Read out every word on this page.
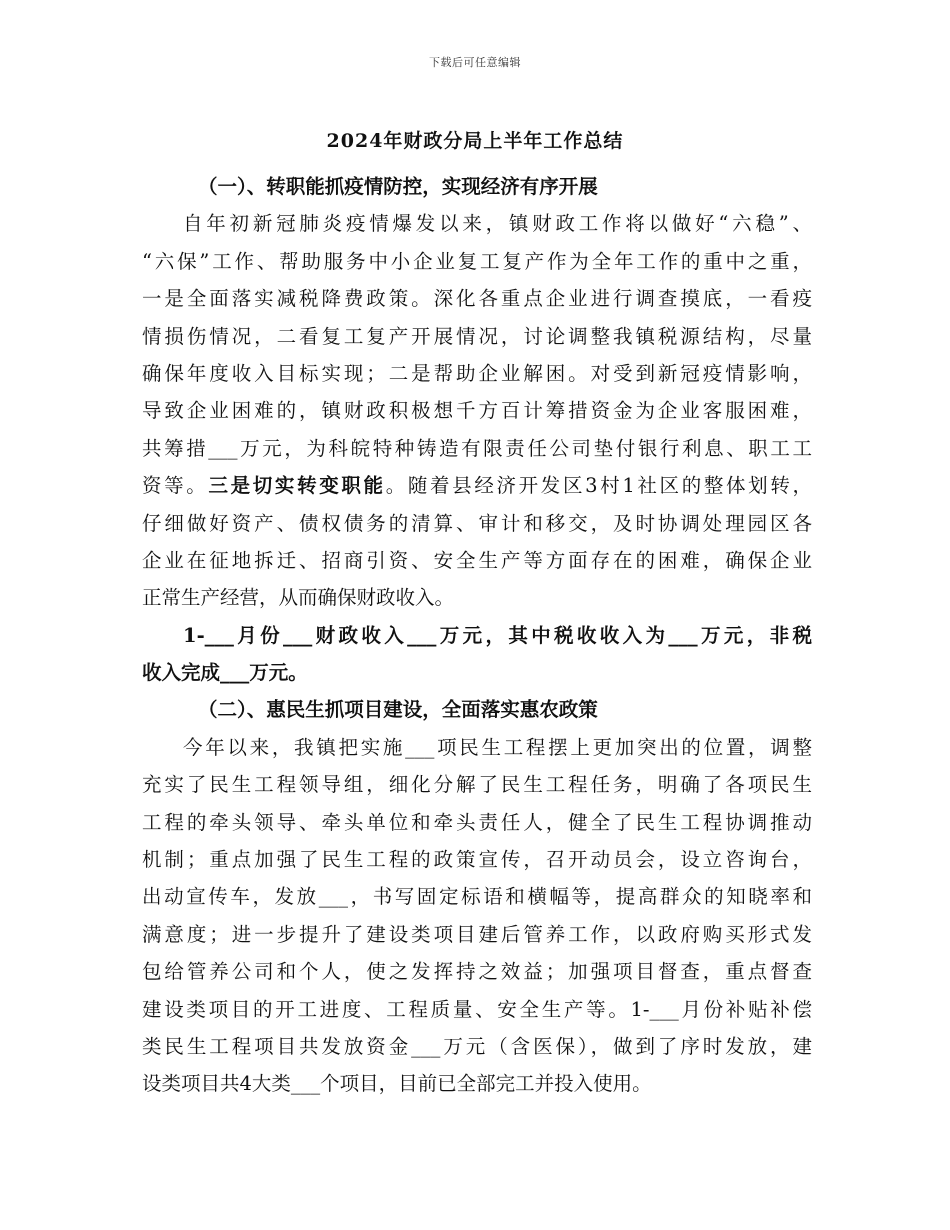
下载后可任意编辑
2024年财政分局上半年工作总结
（一）、转职能抓疫情防控，实现经济有序开展
自年初新冠肺炎疫情爆发以来，镇财政工作将以做好“六稳”、
“六保”工作、帮助服务中小企业复工复产作为全年工作的重中之重，
一是全面落实减税降费政策。深化各重点企业进行调查摸底，一看疫
情损伤情况，二看复工复产开展情况，讨论调整我镇税源结构，尽量
确保年度收入目标实现；二是帮助企业解困。对受到新冠疫情影响，
导致企业困难的，镇财政积极想千方百计筹措资金为企业客服困难，
共筹措___万元，为科皖特种铸造有限责任公司垫付银行利息、职工工
资等。三是切实转变职能。随着县经济开发区3村1社区的整体划转，
仔细做好资产、债权债务的清算、审计和移交，及时协调处理园区各
企业在征地拆迁、招商引资、安全生产等方面存在的困难，确保企业
正常生产经营，从而确保财政收入。
1-___月份___财政收入___万元，其中税收收入为___万元，非税
收入完成___万元。
（二）、惠民生抓项目建设，全面落实惠农政策
今年以来，我镇把实施___项民生工程摆上更加突出的位置，调整
充实了民生工程领导组，细化分解了民生工程任务，明确了各项民生
工程的牵头领导、牵头单位和牵头责任人，健全了民生工程协调推动
机制；重点加强了民生工程的政策宣传，召开动员会，设立咨询台，
出动宣传车，发放___，书写固定标语和横幅等，提高群众的知晓率和
满意度；进一步提升了建设类项目建后管养工作，以政府购买形式发
包给管养公司和个人，使之发挥持之效益；加强项目督查，重点督查
建设类项目的开工进度、工程质量、安全生产等。1-___月份补贴补偿
类民生工程项目共发放资金___万元（含医保），做到了序时发放，建
设类项目共4大类___个项目，目前已全部完工并投入使用。
